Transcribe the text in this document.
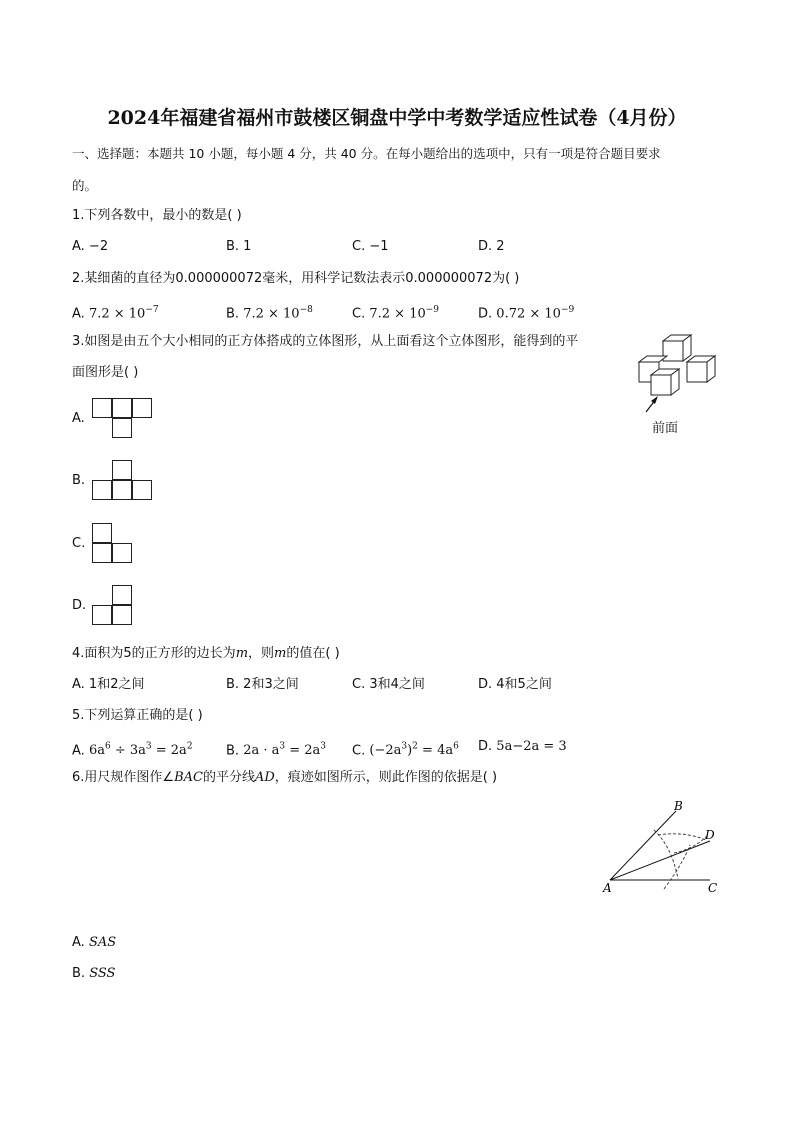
2024年福建省福州市鼓楼区铜盘中学中考数学适应性试卷（4月份）
一、选择题：本题共 10 小题，每小题 4 分，共 40 分。在每小题给出的选项中，只有一项是符合题目要求
的。
1.下列各数中，最小的数是( )
A. −2	B. 1	C. −1	D. 2
2.某细菌的直径为0.000000072毫米，用科学记数法表示0.000000072为( )
A. $7.2 \times 10^{-7}$	B. $7.2 \times 10^{-8}$	C. $7.2 \times 10^{-9}$	D. $0.72 \times 10^{-9}$
3.如图是由五个大小相同的正方体搭成的立体图形，从上面看这个立体图形，能得到的平
面图形是( )
前面
A.
B.
C.
D.
4.面积为5的正方形的边长为m，则m的值在( )
A. 1和2之间	B. 2和3之间	C. 3和4之间	D. 4和5之间
5.下列运算正确的是( )
A. $6a^6 \div 3a^3 = 2a^2$	B. $2a \cdot a^3 = 2a^3$ C. $(-2a^3)^2 = 4a^6$ D. 5a−2a = 3
6.用尺规作图作∠BAC的平分线AD，痕迹如图所示，则此作图的依据是( )
B
D
A	C
A. SAS
B. SSS
